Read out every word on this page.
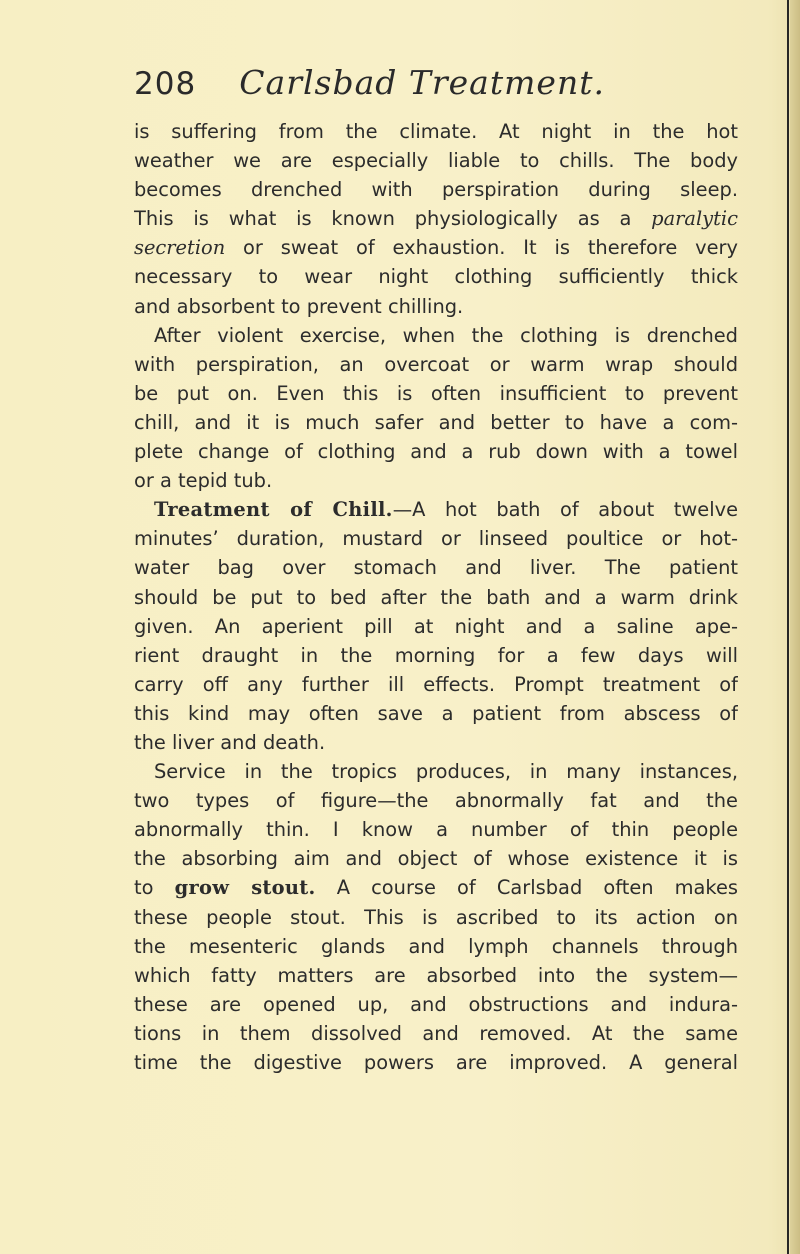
208 Carlsbad Treatment.
is suffering from the climate. At night in the hot
weather we are especially liable to chills. The body
becomes drenched with perspiration during sleep.
This is what is known physiologically as a paralytic
secretion or sweat of exhaustion. It is therefore very
necessary to wear night clothing sufficiently thick
and absorbent to prevent chilling.
After violent exercise, when the clothing is drenched
with perspiration, an overcoat or warm wrap should
be put on. Even this is often insufficient to prevent
chill, and it is much safer and better to have a com-
plete change of clothing and a rub down with a towel
or a tepid tub.
Treatment of Chill.—A hot bath of about twelve
minutes’ duration, mustard or linseed poultice or hot-
water bag over stomach and liver. The patient
should be put to bed after the bath and a warm drink
given. An aperient pill at night and a saline ape-
rient draught in the morning for a few days will
carry off any further ill effects. Prompt treatment of
this kind may often save a patient from abscess of
the liver and death.
Service in the tropics produces, in many instances,
two types of figure—the abnormally fat and the
abnormally thin. I know a number of thin people
the absorbing aim and object of whose existence it is
to grow stout. A course of Carlsbad often makes
these people stout. This is ascribed to its action on
the mesenteric glands and lymph channels through
which fatty matters are absorbed into the system—
these are opened up, and obstructions and indura-
tions in them dissolved and removed. At the same
time the digestive powers are improved. A general
